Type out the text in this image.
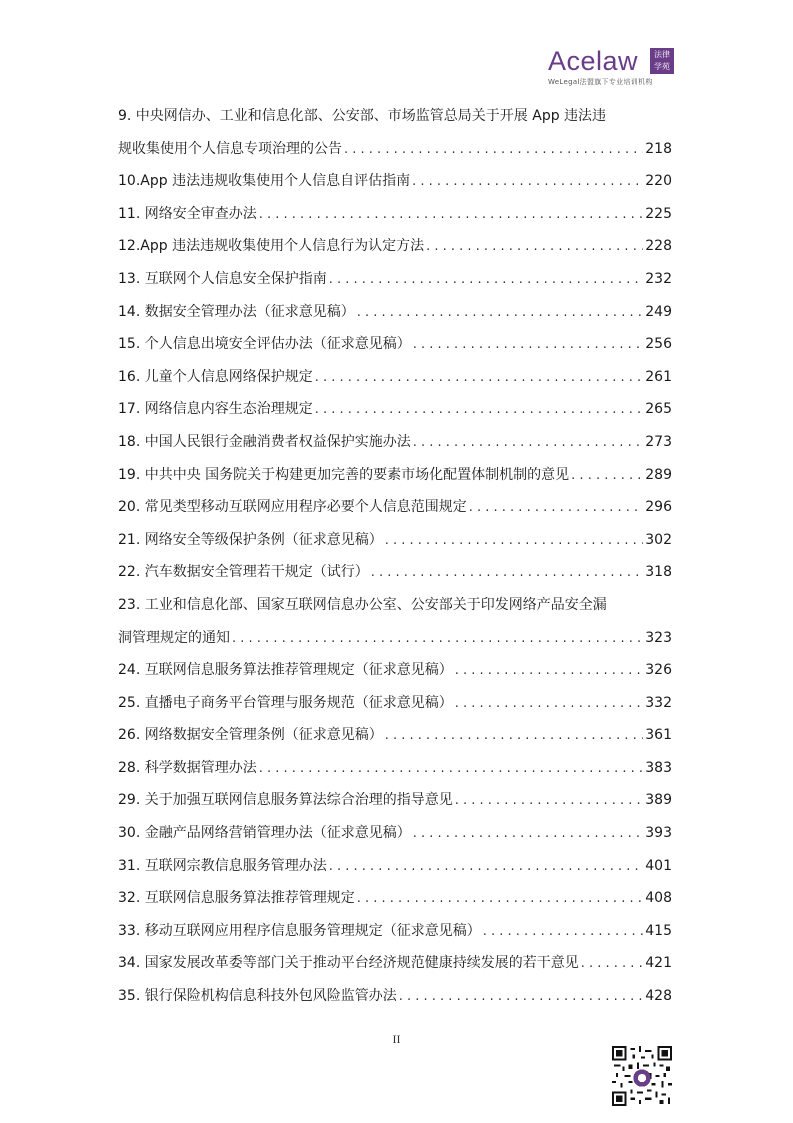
Acelaw	法律
学苑
WeLegal法盟旗下专业培训机构
9. 中央网信办、工业和信息化部、公安部、市场监管总局关于开展 App 违法违
规收集使用个人信息专项治理的公告 . . .	218
10.App 违法违规收集使用个人信息自评估指南 . . .	220
11. 网络安全审查办法 . . .	225
12.App 违法违规收集使用个人信息行为认定方法 . . .	228
13. 互联网个人信息安全保护指南 . . .	232
14. 数据安全管理办法（征求意见稿） . . .	249
15. 个人信息出境安全评估办法（征求意见稿） . . .	256
16. 儿童个人信息网络保护规定 . . .	261
17. 网络信息内容生态治理规定 . . .	265
18. 中国人民银行金融消费者权益保护实施办法 . . .	273
19. 中共中央 国务院关于构建更加完善的要素市场化配置体制机制的意见 . . .	289
20. 常见类型移动互联网应用程序必要个人信息范围规定 . . .	296
21. 网络安全等级保护条例（征求意见稿） . . .	302
22. 汽车数据安全管理若干规定（试行） . . .	318
23. 工业和信息化部、国家互联网信息办公室、公安部关于印发网络产品安全漏
洞管理规定的通知 . . .	323
24. 互联网信息服务算法推荐管理规定（征求意见稿） . . .	326
25. 直播电子商务平台管理与服务规范（征求意见稿） . . .	332
26. 网络数据安全管理条例（征求意见稿） . . .	361
28. 科学数据管理办法 . . .	383
29. 关于加强互联网信息服务算法综合治理的指导意见 . . .	389
30. 金融产品网络营销管理办法（征求意见稿） . . .	393
31. 互联网宗教信息服务管理办法 . . .	401
32. 互联网信息服务算法推荐管理规定 . . .	408
33. 移动互联网应用程序信息服务管理规定（征求意见稿） . . .	415
34. 国家发展改革委等部门关于推动平台经济规范健康持续发展的若干意见 . . .	421
35. 银行保险机构信息科技外包风险监管办法 . . .	428
II
